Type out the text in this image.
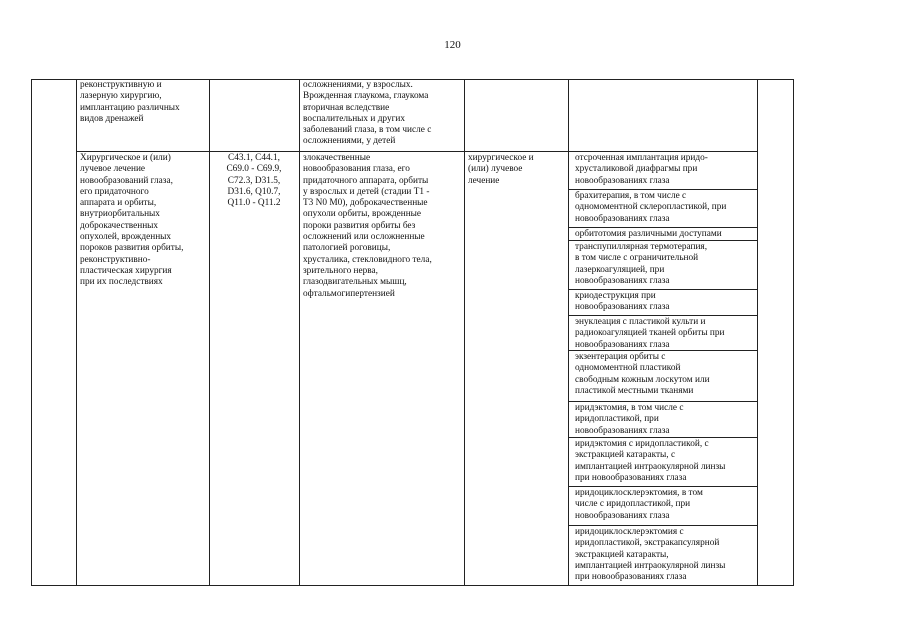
120
реконструктивную и
лазерную хирургию,
имплантацию различных
видов дренажей
осложнениями, у взрослых.
Врожденная глаукома, глаукома
вторичная вследствие
воспалительных и других
заболеваний глаза, в том числе с
осложнениями, у детей
Хирургическое и (или)
лучевое лечение
новообразований глаза,
его придаточного
аппарата и орбиты,
внутриорбитальных
доброкачественных
опухолей, врожденных
пороков развития орбиты,
реконструктивно-
пластическая хирургия
при их последствиях
C43.1, C44.1,
C69.0 - C69.9,
C72.3, D31.5,
D31.6, Q10.7,
Q11.0 - Q11.2
злокачественные
новообразования глаза, его
придаточного аппарата, орбиты
у взрослых и детей (стадии T1 -
T3 N0 M0), доброкачественные
опухоли орбиты, врожденные
пороки развития орбиты без
осложнений или осложненные
патологией роговицы,
хрусталика, стекловидного тела,
зрительного нерва,
глазодвигательных мышц,
офтальмогипертензией
хирургическое и
(или) лучевое
лечение
отсроченная имплантация иридо-
хрусталиковой диафрагмы при
новообразованиях глаза
брахитерапия, в том числе с
одномоментной склеропластикой, при
новообразованиях глаза
орбитотомия различными доступами
транспупиллярная термотерапия,
в том числе с ограничительной
лазеркоагуляцией, при
новообразованиях глаза
криодеструкция при
новообразованиях глаза
энуклеация с пластикой культи и
радиокоагуляцией тканей орбиты при
новообразованиях глаза
экзентерация орбиты с
одномоментной пластикой
свободным кожным лоскутом или
пластикой местными тканями
иридэктомия, в том числе с
иридопластикой, при
новообразованиях глаза
иридэктомия с иридопластикой, с
экстракцией катаракты, с
имплантацией интраокулярной линзы
при новообразованиях глаза
иридоциклосклерэктомия, в том
числе с иридопластикой, при
новообразованиях глаза
иридоциклосклерэктомия с
иридопластикой, экстракапсулярной
экстракцией катаракты,
имплантацией интраокулярной линзы
при новообразованиях глаза
